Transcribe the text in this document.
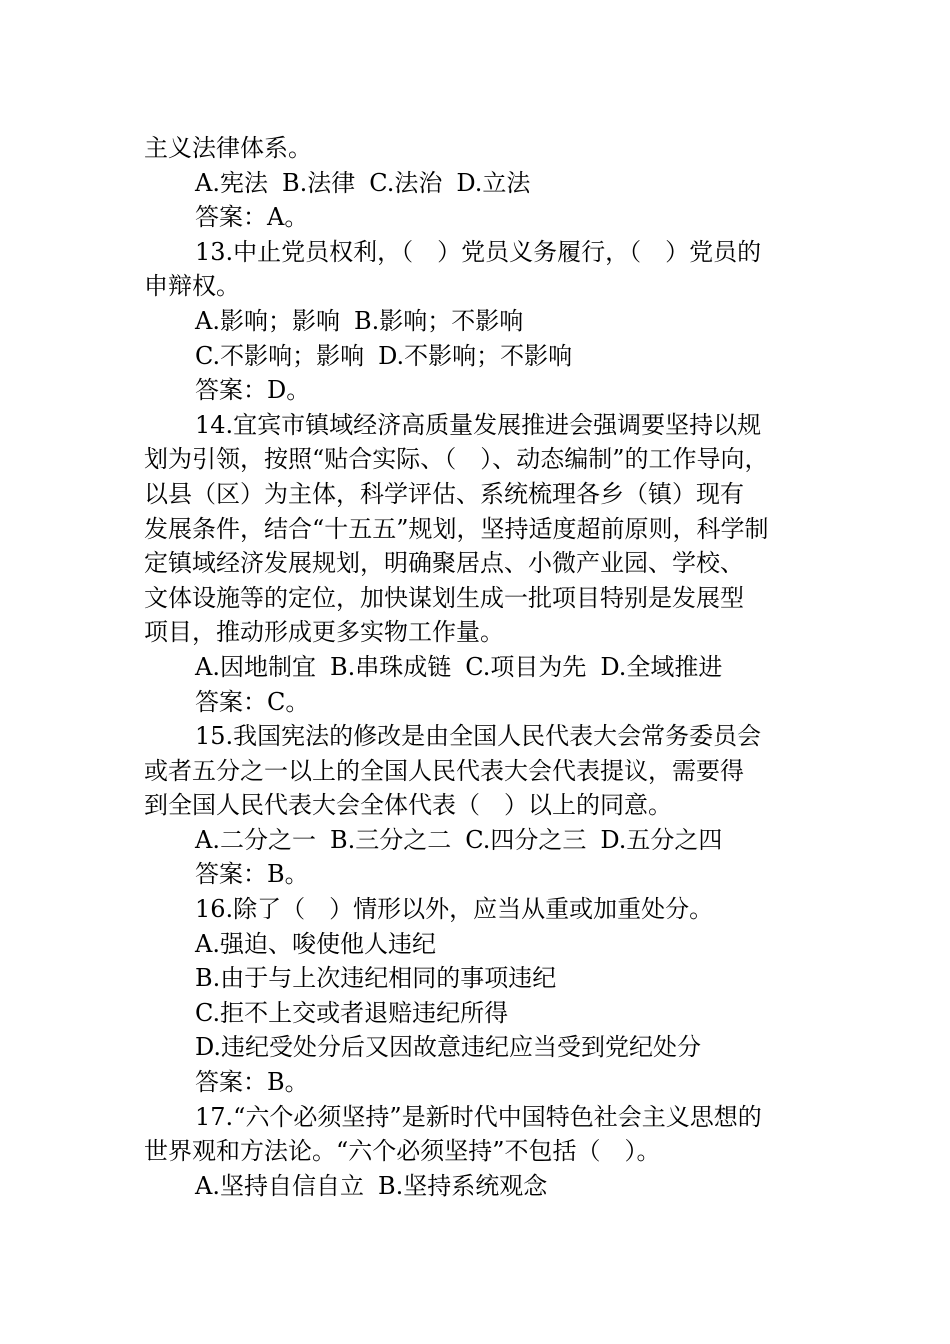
主义法律体系。
A.宪法 B.法律 C.法治 D.立法
答案：A。
13.中止党员权利，（　）党员义务履行，（　）党员的
申辩权。
A.影响；影响 B.影响；不影响
C.不影响；影响 D.不影响；不影响
答案：D。
14.宜宾市镇域经济高质量发展推进会强调要坚持以规
划为引领，按照“贴合实际、（　）、动态编制”的工作导向，
以县（区）为主体，科学评估、系统梳理各乡（镇）现有
发展条件，结合“十五五”规划，坚持适度超前原则，科学制
定镇域经济发展规划，明确聚居点、小微产业园、学校、
文体设施等的定位，加快谋划生成一批项目特别是发展型
项目，推动形成更多实物工作量。
A.因地制宜 B.串珠成链 C.项目为先 D.全域推进
答案：C。
15.我国宪法的修改是由全国人民代表大会常务委员会
或者五分之一以上的全国人民代表大会代表提议，需要得
到全国人民代表大会全体代表（　）以上的同意。
A.二分之一 B.三分之二 C.四分之三 D.五分之四
答案：B。
16.除了（　）情形以外，应当从重或加重处分。
A.强迫、唆使他人违纪
B.由于与上次违纪相同的事项违纪
C.拒不上交或者退赔违纪所得
D.违纪受处分后又因故意违纪应当受到党纪处分
答案：B。
17.“六个必须坚持”是新时代中国特色社会主义思想的
世界观和方法论。“六个必须坚持”不包括（　）。
A.坚持自信自立 B.坚持系统观念
